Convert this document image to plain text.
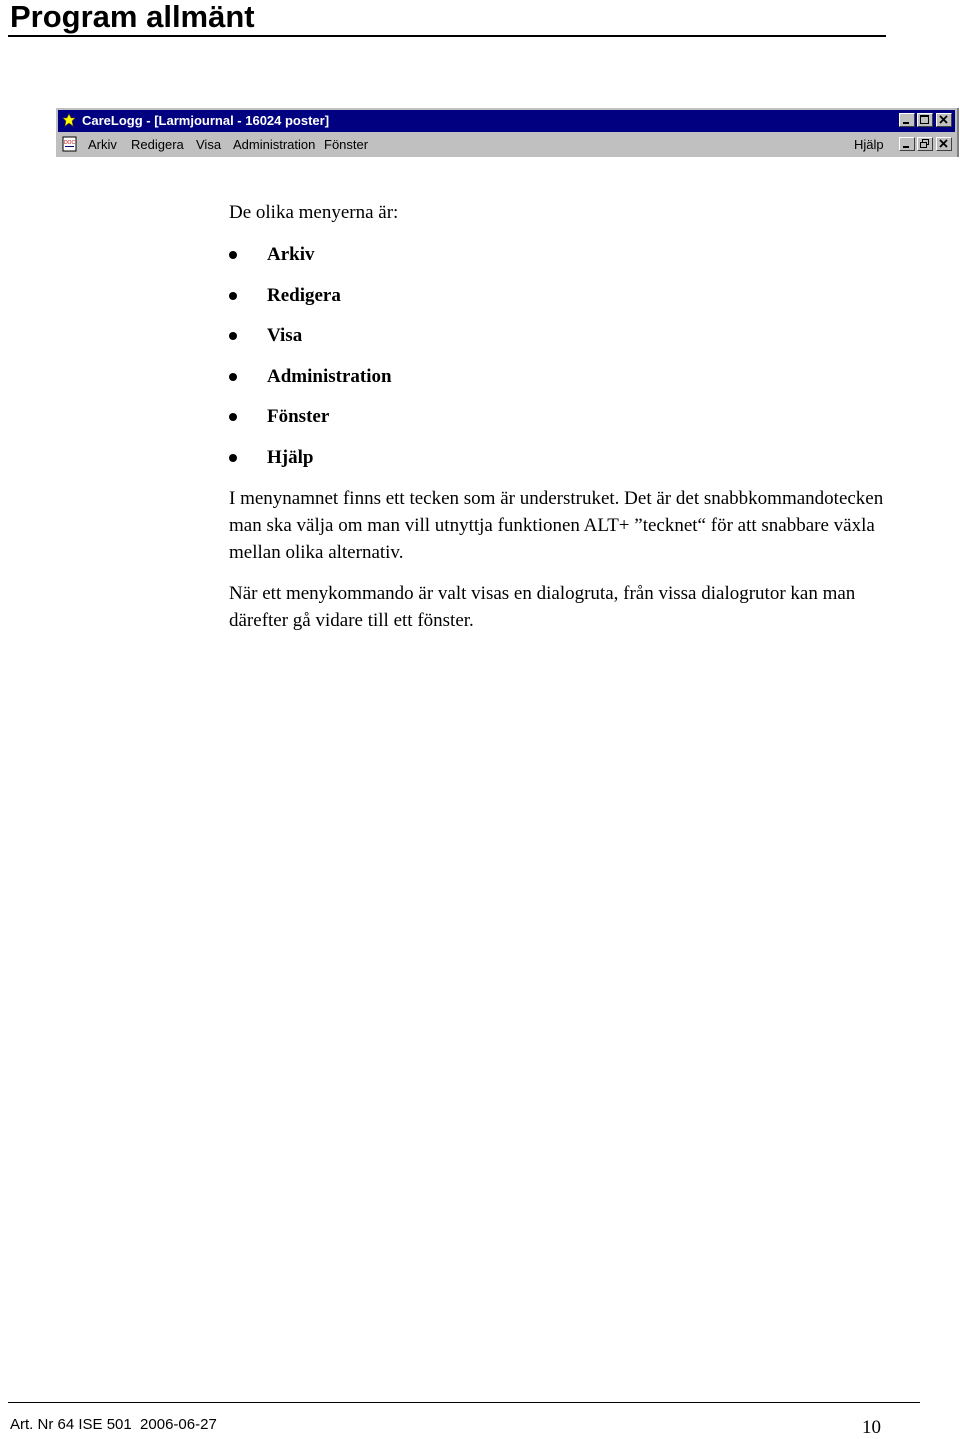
Program allmänt
CareLogg - [Larmjournal - 16024 poster]
DOC Arkiv Redigera Visa Administration Fönster	Hjälp

De olika menyerna är:

Arkiv
Redigera
Visa
Administration
Fönster
Hjälp

I menynamnet finns ett tecken som är understruket. Det är det snabbkommandotecken man ska välja om man vill utnyttja funktionen ALT+ ”tecknet“ för att snabbare växla mellan olika alternativ.

När ett menykommando är valt visas en dialogruta, från vissa dialogrutor kan man därefter gå vidare till ett fönster.

Art. Nr 64 ISE 501  2006-06-27	10
